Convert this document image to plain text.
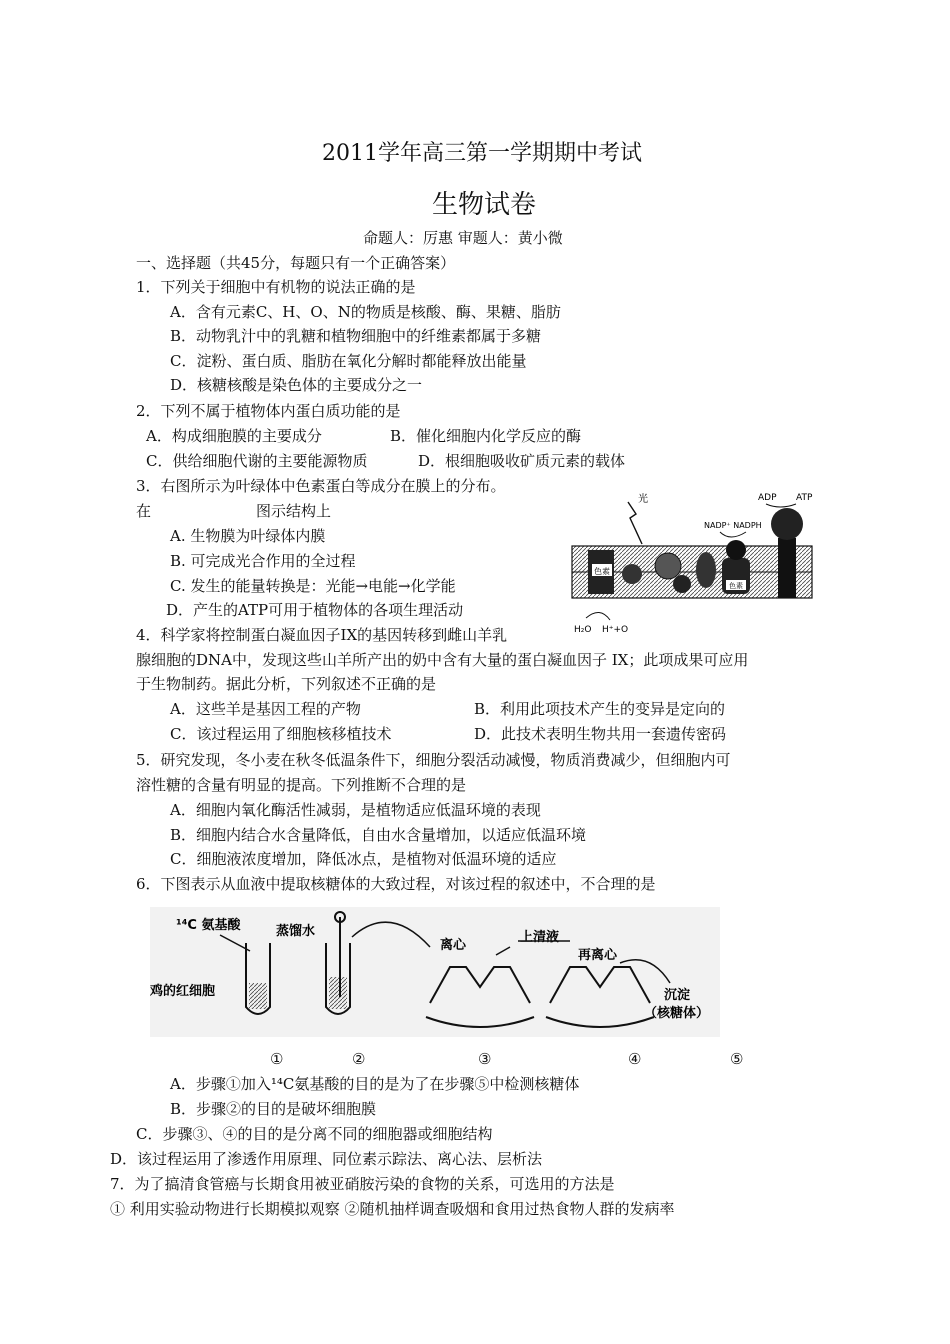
2011学年高三第一学期期中考试
生物试卷
命题人：厉惠 审题人：黄小微
一、选择题（共45分，每题只有一个正确答案）
1．下列关于细胞中有机物的说法正确的是
A．含有元素C、H、O、N的物质是核酸、酶、果糖、脂肪
B．动物乳汁中的乳糖和植物细胞中的纤维素都属于多糖
C．淀粉、蛋白质、脂肪在氧化分解时都能释放出能量
D．核糖核酸是染色体的主要成分之一
2．下列不属于植物体内蛋白质功能的是
A．构成细胞膜的主要成分	B．催化细胞内化学反应的酶
C．供给细胞代谢的主要能源物质	D．根细胞吸收矿质元素的载体
3．右图所示为叶绿体中色素蛋白等成分在膜上的分布。
在	图示结构上
A. 生物膜为叶绿体内膜
B. 可完成光合作用的全过程
C. 发生的能量转换是：光能→电能→化学能
D．产生的ATP可用于植物体的各项生理活动
色素
色素
光	ADP ATP
NADP⁺ NADPH
H₂O H⁺+O
4．科学家将控制蛋白凝血因子IX的基因转移到雌山羊乳
腺细胞的DNA中，发现这些山羊所产出的奶中含有大量的蛋白凝血因子 IX；此项成果可应用
于生物制药。据此分析，下列叙述不正确的是
A．这些羊是基因工程的产物	B．利用此项技术产生的变异是定向的
C．该过程运用了细胞核移植技术	D．此技术表明生物共用一套遗传密码
5．研究发现，冬小麦在秋冬低温条件下，细胞分裂活动减慢，物质消费减少，但细胞内可
溶性糖的含量有明显的提高。下列推断不合理的是
A．细胞内氧化酶活性减弱，是植物适应低温环境的表现
B．细胞内结合水含量降低，自由水含量增加，以适应低温环境
C．细胞液浓度增加，降低冰点，是植物对低温环境的适应
6．下图表示从血液中提取核糖体的大致过程，对该过程的叙述中，不合理的是
¹⁴C 氨基酸	蒸馏水
鸡的红细胞
离心
上清液
再离心
沉淀
（核糖体）
①	②	③	④	⑤
A．步骤①加入¹⁴C氨基酸的目的是为了在步骤⑤中检测核糖体
B．步骤②的目的是破坏细胞膜
C．步骤③、④的目的是分离不同的细胞器或细胞结构
D．该过程运用了渗透作用原理、同位素示踪法、离心法、层析法
7．为了搞清食管癌与长期食用被亚硝胺污染的食物的关系，可选用的方法是
① 利用实验动物进行长期模拟观察 ②随机抽样调查吸烟和食用过热食物人群的发病率
